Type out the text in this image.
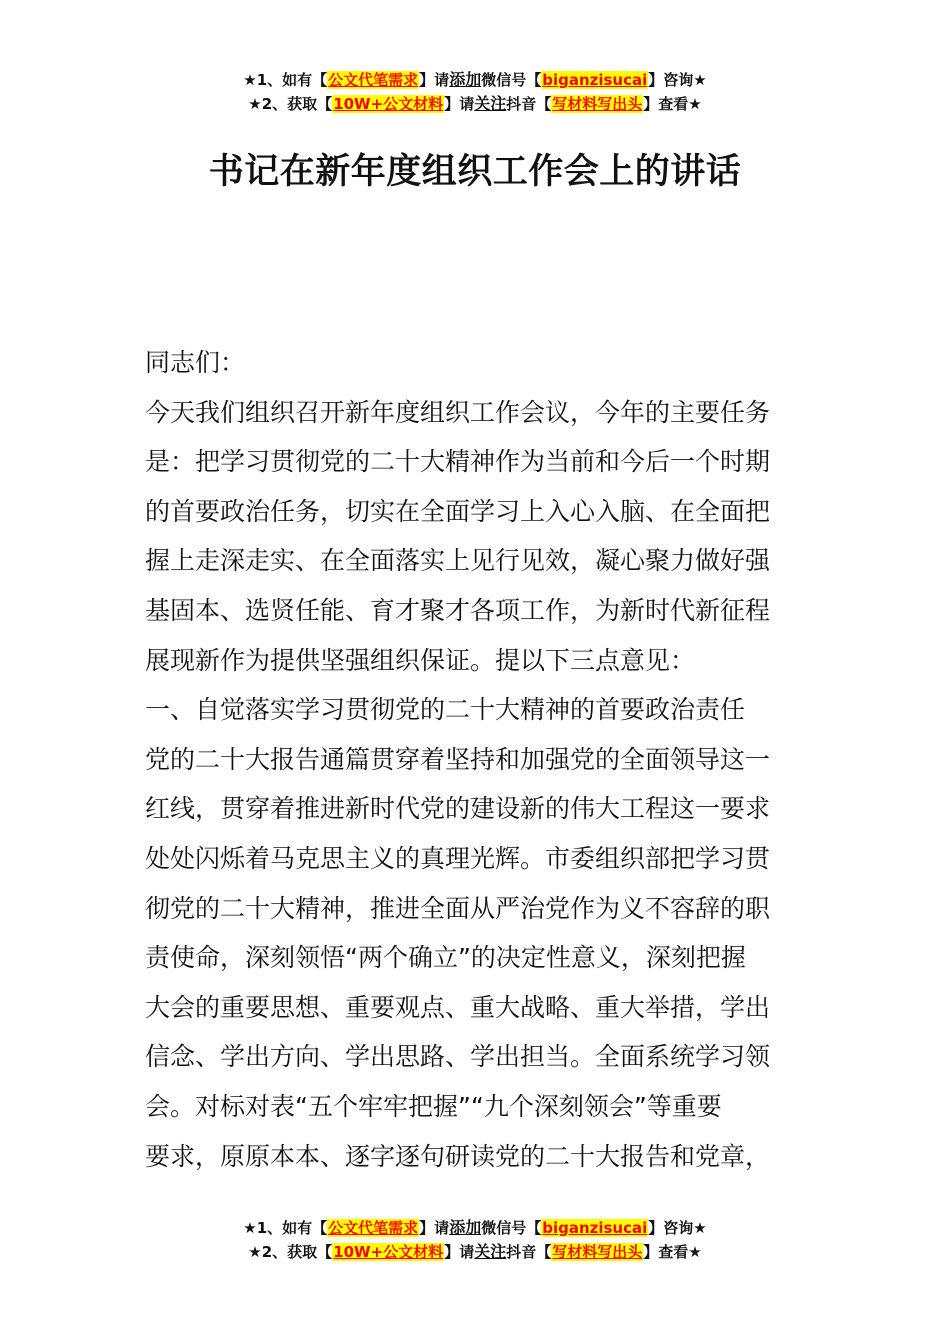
★1、如有【公文代笔需求】请添加微信号【biganzisucai】咨询★
★2、获取【10W+公文材料】请关注抖音【写材料写出头】查看★
书记在新年度组织工作会上的讲话

同志们：

今天我们组织召开新年度组织工作会议，今年的主要任务

是：把学习贯彻党的二十大精神作为当前和今后一个时期

的首要政治任务，切实在全面学习上入心入脑、在全面把

握上走深走实、在全面落实上见行见效，凝心聚力做好强

基固本、选贤任能、育才聚才各项工作，为新时代新征程

展现新作为提供坚强组织保证。提以下三点意见：

一、自觉落实学习贯彻党的二十大精神的首要政治责任

党的二十大报告通篇贯穿着坚持和加强党的全面领导这一

红线，贯穿着推进新时代党的建设新的伟大工程这一要求

处处闪烁着马克思主义的真理光辉。市委组织部把学习贯

彻党的二十大精神，推进全面从严治党作为义不容辞的职

责使命，深刻领悟“两个确立”的决定性意义，深刻把握

大会的重要思想、重要观点、重大战略、重大举措，学出

信念、学出方向、学出思路、学出担当。全面系统学习领

会。对标对表“五个牢牢把握”“九个深刻领会”等重要

要求，原原本本、逐字逐句研读党的二十大报告和党章，

★1、如有【公文代笔需求】请添加微信号【biganzisucai】咨询★
★2、获取【10W+公文材料】请关注抖音【写材料写出头】查看★
